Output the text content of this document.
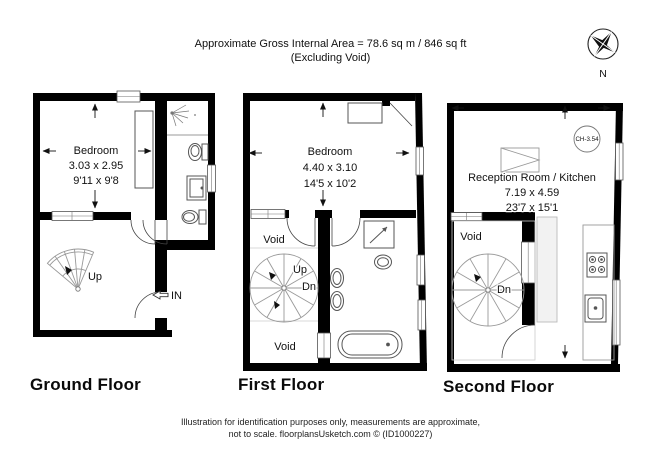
Approximate Gross Internal Area = 78.6 sq m / 846 sq ft
(Excluding Void)
N
Bedroom
3.03 x 2.95
9'11 x 9'8
Up
IN
Ground Floor
Bedroom
4.40 x 3.10
14'5 x 10'2
Void
Up
Dn
Void
First Floor
CH-3.54
Reception Room / Kitchen
7.19 x 4.59
23'7 x 15'1
Void
Dn
Second Floor
Illustration for identification purposes only, measurements are approximate,
not to scale. floorplansUsketch.com © (ID1000227)
